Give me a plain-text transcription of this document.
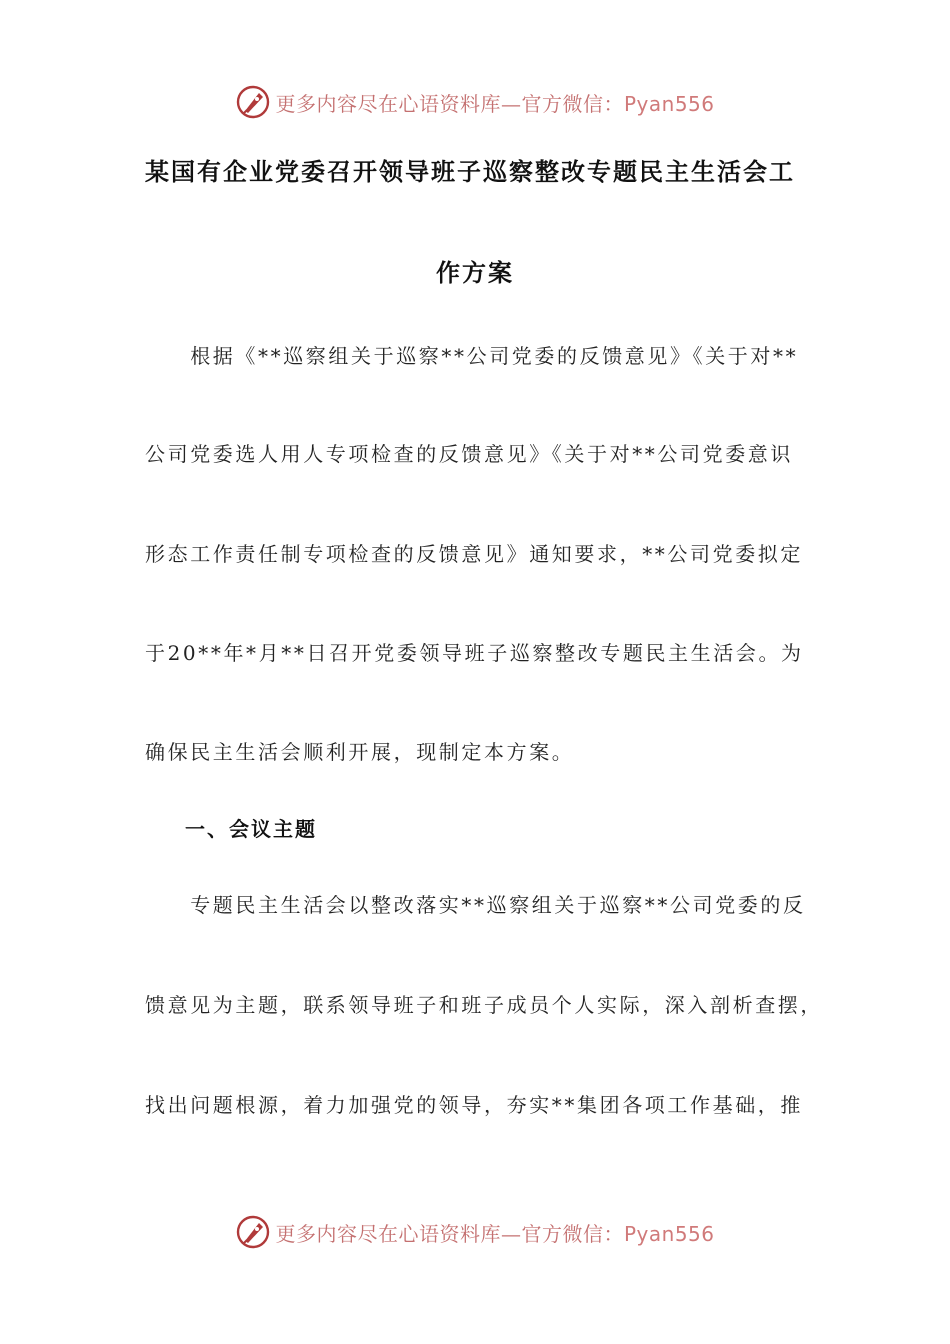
更多内容尽在心语资料库—官方微信：Pyan556
某国有企业党委召开领导班子巡察整改专题民主生活会工
作方案
　　根据《**巡察组关于巡察**公司党委的反馈意见》《关于对**
公司党委选人用人专项检查的反馈意见》《关于对**公司党委意识
形态工作责任制专项检查的反馈意见》通知要求，**公司党委拟定
于20**年*月**日召开党委领导班子巡察整改专题民主生活会。为
确保民主生活会顺利开展，现制定本方案。
一、会议主题
　　专题民主生活会以整改落实**巡察组关于巡察**公司党委的反
馈意见为主题，联系领导班子和班子成员个人实际，深入剖析查摆，
找出问题根源，着力加强党的领导，夯实**集团各项工作基础，推
更多内容尽在心语资料库—官方微信：Pyan556
